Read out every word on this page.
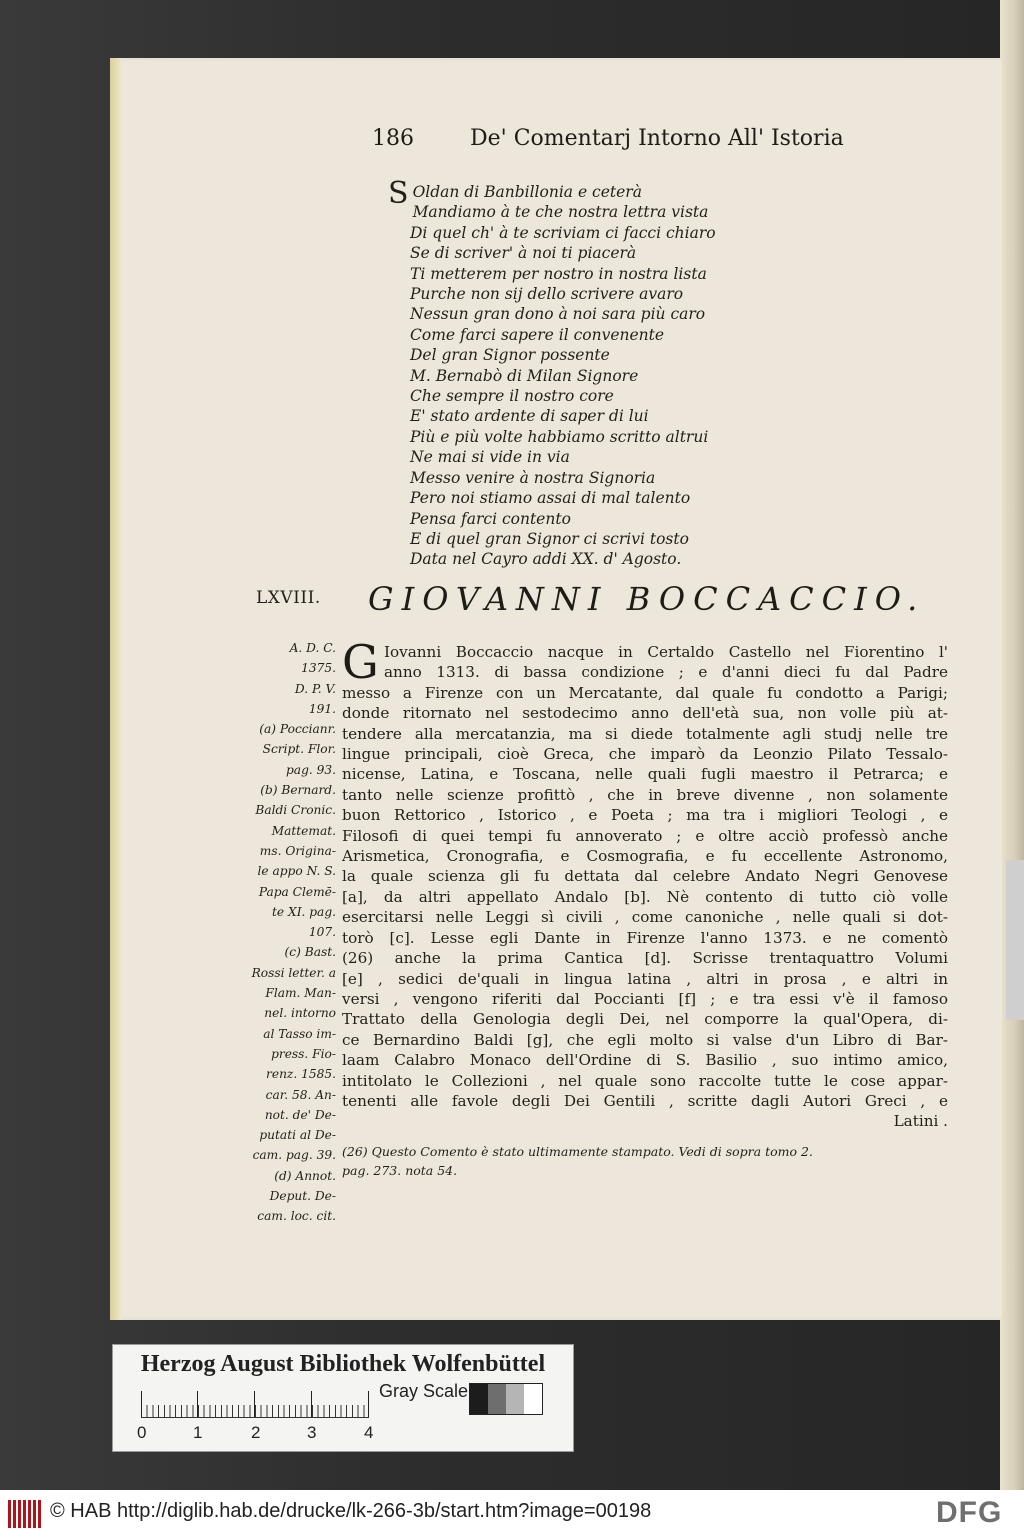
186	De' Comentarj Intorno All' Istoria
S Oldan di Banbillonia e ceterà
Mandiamo à te che nostra lettra vista
Di quel ch' à te scriviam ci facci chiaro
Se di scriver' à noi ti piacerà
Ti metterem per nostro in nostra lista
Purche non sij dello scrivere avaro
Nessun gran dono à noi sara più caro
Come farci sapere il convenente
Del gran Signor possente
M. Bernabò di Milan Signore
Che sempre il nostro core
E' stato ardente di saper di lui
Più e più volte habbiamo scritto altrui
Ne mai si vide in via
Messo venire à nostra Signoria
Pero noi stiamo assai di mal talento
Pensa farci contento
E di quel gran Signor ci scrivi tosto
Data nel Cayro addi XX. d' Agosto.
LXVIII.	GIOVANNI BOCCACCIO.
A. D. C.
1375.
D. P. V.
191.
(a) Poccianr.
Script. Flor.
pag. 93.
(b) Bernard.
Baldi Cronic.
Mattemat.
ms. Origina-
le appo N. S.
Papa Clemē-
te XI. pag.
107.
(c) Bast.
Rossi letter. a
Flam. Man-
nel. intorno
al Tasso im-
press. Fio-
renz. 1585.
car. 58. An-
not. de' De-
putati al De-
cam. pag. 39.
(d) Annot.
Deput. De-
cam. loc. cit.
G Iovanni Boccaccio nacque in Certaldo Castello nel Fiorentino l'
anno 1313. di bassa condizione ; e d'anni dieci fu dal Padre
messo a Firenze con un Mercatante, dal quale fu condotto a Parigi;
donde ritornato nel sestodecimo anno dell'età sua, non volle più at-
tendere alla mercatanzia, ma si diede totalmente agli studj nelle tre
lingue principali, cioè Greca, che imparò da Leonzio Pilato Tessalo-
nicense, Latina, e Toscana, nelle quali fugli maestro il Petrarca; e
tanto nelle scienze profittò , che in breve divenne , non solamente
buon Rettorico , Istorico , e Poeta ; ma tra i migliori Teologi , e
Filosofi di quei tempi fu annoverato ; e oltre acciò professò anche
Arismetica, Cronografia, e Cosmografia, e fu eccellente Astronomo,
la quale scienza gli fu dettata dal celebre Andato Negri Genovese
[a], da altri appellato Andalo [b]. Nè contento di tutto ciò volle
esercitarsi nelle Leggi sì civili , come canoniche , nelle quali si dot-
torò [c]. Lesse egli Dante in Firenze l'anno 1373. e ne comentò
(26) anche la prima Cantica [d]. Scrisse trentaquattro Volumi
[e] , sedici de'quali in lingua latina , altri in prosa , e altri in
versi , vengono riferiti dal Poccianti [f] ; e tra essi v'è il famoso
Trattato della Genologia degli Dei, nel comporre la qual'Opera, di-
ce Bernardino Baldi [g], che egli molto si valse d'un Libro di Bar-
laam Calabro Monaco dell'Ordine di S. Basilio , suo intimo amico,
intitolato le Collezioni , nel quale sono raccolte tutte le cose appar-
tenenti alle favole degli Dei Gentili , scritte dagli Autori Greci , e
Latini .
(26) Questo Comento è stato ultimamente stampato. Vedi di sopra tomo 2.
pag. 273. nota 54.
Herzog August Bibliothek Wolfenbüttel
0	1	2	3	4
Gray Scale
© HAB http://diglib.hab.de/drucke/lk-266-3b/start.htm?image=00198	DFG
